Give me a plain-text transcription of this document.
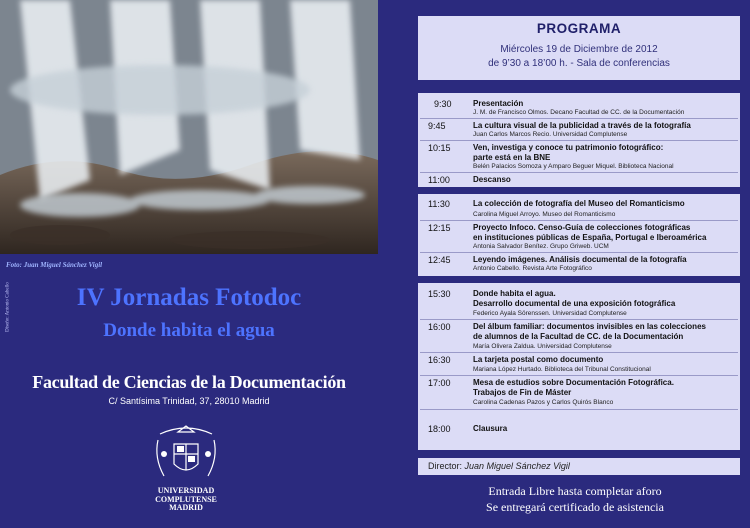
Foto: Juan Miguel Sánchez Vigil
Diseño: Antonio Cabello	IV Jornadas Fotodoc
Donde habita el agua
Facultad de Ciencias de la Documentación
C/ Santísima Trinidad, 37, 28010 Madrid
UNIVERSIDAD
COMPLUTENSE
MADRID
PROGRAMA
Miércoles 19 de Diciembre de 2012
de 9’30 a 18’00 h. - Sala de conferencias
9:30	Presentación
J. M. de Francisco Olmos. Decano Facultad de CC. de la Documentación
9:45	La cultura visual de la publicidad a través de la fotografía
Juan Carlos Marcos Recio. Universidad Complutense
10:15	Ven, investiga y conoce tu patrimonio fotográfico:
parte está en la BNE
Belén Palacios Somoza y Amparo Beguer Miquel. Biblioteca Nacional
11:00	Descanso
11:30	La colección de fotografía del Museo del Romanticismo
Carolina Miguel Arroyo. Museo del Romanticismo
12:15	Proyecto Infoco. Censo-Guía de colecciones fotográficas
en instituciones públicas de España, Portugal e Iberoamérica
Antonia Salvador Benítez. Grupo Griweb. UCM
12:45	Leyendo imágenes. Análisis documental de la fotografía
Antonio Cabello. Revista Arte Fotográfico
15:30	Donde habita el agua.
Desarrollo documental de una exposición fotográfica
Federico Ayala Sörenssen. Universidad Complutense
16:00	Del álbum familiar: documentos invisibles en las colecciones
de alumnos de la Facultad de CC. de la Documentación
María Olivera Zaldua. Universidad Complutense
16:30	La tarjeta postal como documento
Mariana López Hurtado. Biblioteca del Tribunal Constitucional
17:00	Mesa de estudios sobre Documentación Fotográfica.
Trabajos de Fin de Máster
Carolina Cadenas Pazos y Carlos Quirós Blanco
18:00	Clausura
Director: Juan Miguel Sánchez Vigil
Entrada Libre hasta completar aforo
Se entregará certificado de asistencia
